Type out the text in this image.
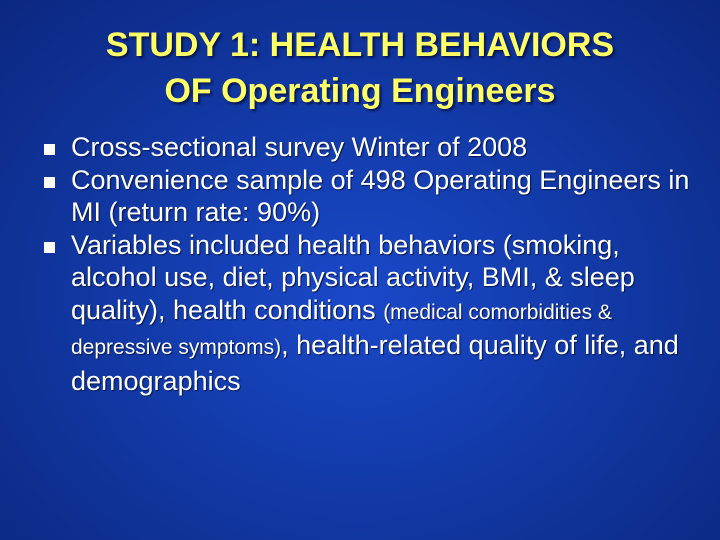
STUDY 1: HEALTH BEHAVIORS
OF Operating Engineers
Cross-sectional survey Winter of 2008
Convenience sample of 498 Operating Engineers in MI (return rate: 90%)
Variables included health behaviors (smoking, alcohol use, diet, physical activity, BMI, & sleep quality), health conditions (medical comorbidities & depressive symptoms), health-related quality of life, and demographics
